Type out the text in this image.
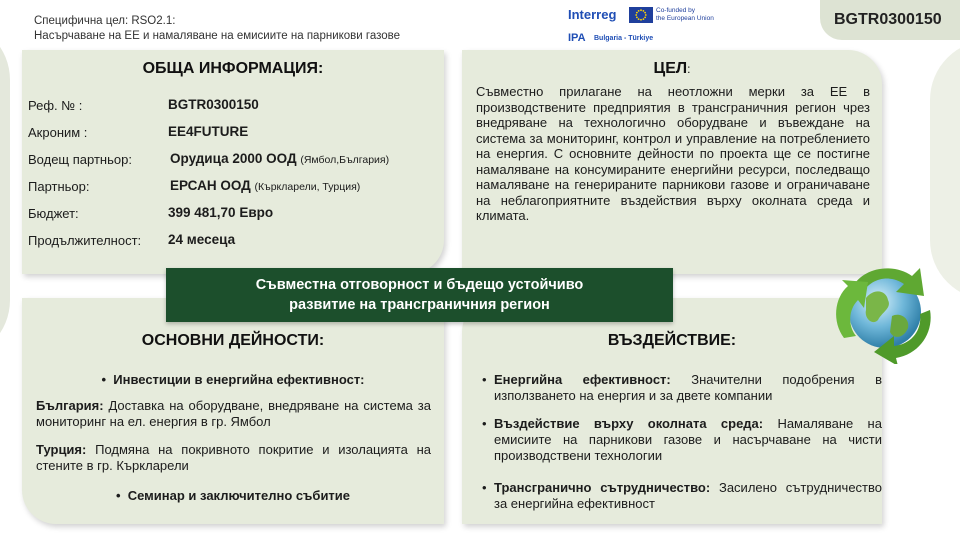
Специфична цел: RSO2.1:
Насърчаване на ЕЕ и намаляване на емисиите на парникови газове
Interreg	Co-funded by
the European Union
IPA Bulgaria - Türkiye
BGTR0300150
ОБЩА ИНФОРМАЦИЯ:
Реф. № :	BGTR0300150
Акроним :	EE4FUTURE
Водещ партньор:	Орудица 2000 ООД (Ямбол,България)
Партньор:	ЕРСАН ООД (Къркларели, Турция)
Бюджет:	399 481,70 Евро
Продължителност: 24 месеца
ЦЕЛ:
Съвместно прилагане на неотложни мерки за ЕЕ в производствените предприятия в трансграничния регион чрез внедряване на технологично оборудване и въвеждане на система за мониторинг, контрол и управление на потреблението на енергия. С основните дейности по проекта ще се постигне намаляване на консумираните енергийни ресурси, последващо намаляване на генерираните парникови газове и ограничаване на неблагоприятните въздействия върху околната среда и климата.
ОСНОВНИ ДЕЙНОСТИ:
•  Инвестиции в енергийна ефективност:
България: Доставка на оборудване, внедряване на система за мониторинг на ел. енергия в гр. Ямбол
Турция: Подмяна на покривното покритие и изолацията на стените в гр. Къркларели
•  Семинар и заключително събитие
ВЪЗДЕЙСТВИЕ:
• Енергийна ефективност: Значителни подобрения в използването на енергия и за двете компании
• Въздействие върху околната среда: Намаляване на емисиите на парникови газове и насърчаване на чисти производствени технологии
• Трансгранично сътрудничество: Засилено сътрудничество за енергийна ефективност
Съвместна отговорност и бъдещо устойчиво
развитие на трансграничния регион
